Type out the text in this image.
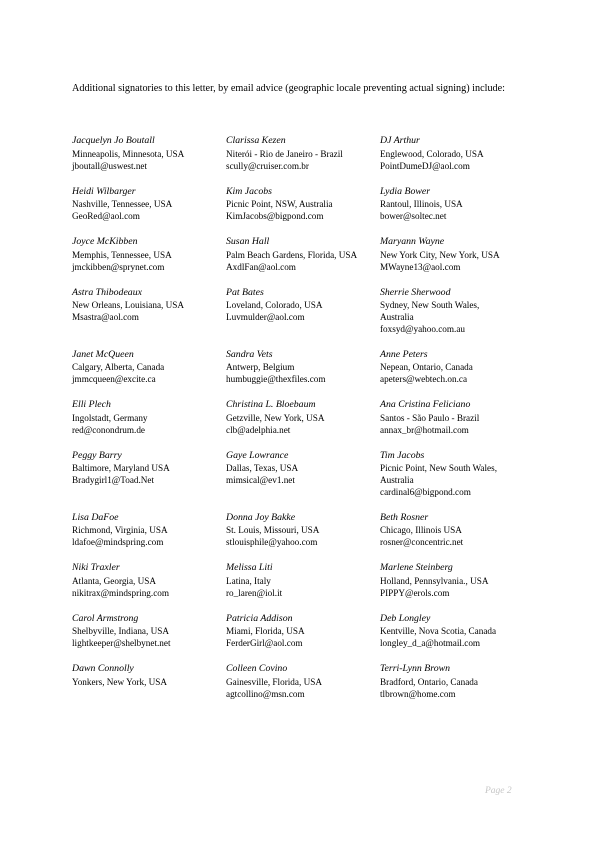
Additional signatories to this letter, by email advice (geographic locale preventing actual signing) include:
Jacquelyn Jo Boutall
Minneapolis, Minnesota, USA
jboutall@uswest.net
Clarissa Kezen
Niterói - Rio de Janeiro - Brazil
scully@cruiser.com.br
DJ Arthur
Englewood, Colorado, USA
PointDumeDJ@aol.com
Heidi Wilbarger
Nashville, Tennessee, USA
GeoRed@aol.com
Kim Jacobs
Picnic Point, NSW, Australia
KimJacobs@bigpond.com
Lydia Bower
Rantoul, Illinois, USA
bower@soltec.net
Joyce McKibben
Memphis, Tennessee, USA
jmckibben@sprynet.com
Susan Hall
Palm Beach Gardens, Florida, USA
AxdlFan@aol.com
Maryann Wayne
New York City, New York, USA
MWayne13@aol.com
Astra Thibodeaux
New Orleans, Louisiana, USA
Msastra@aol.com
Pat Bates
Loveland, Colorado, USA
Luvmulder@aol.com
Sherrie Sherwood
Sydney, New South Wales,
Australia
foxsyd@yahoo.com.au
Janet McQueen
Calgary, Alberta, Canada
jmmcqueen@excite.ca
Sandra Vets
Antwerp, Belgium
humbuggie@thexfiles.com
Anne Peters
Nepean, Ontario, Canada
apeters@webtech.on.ca
Elli Plech
Ingolstadt, Germany
red@conondrum.de
Christina L. Bloebaum
Getzville, New York, USA
clb@adelphia.net
Ana Cristina Feliciano
Santos - São Paulo - Brazil
annax_br@hotmail.com
Peggy Barry
Baltimore, Maryland USA
Bradygirl1@Toad.Net
Gaye Lowrance
Dallas, Texas, USA
mimsical@ev1.net
Tim Jacobs
Picnic Point, New South Wales,
Australia
cardinal6@bigpond.com
Lisa DaFoe
Richmond, Virginia, USA
ldafoe@mindspring.com
Donna Joy Bakke
St. Louis, Missouri, USA
stlouisphile@yahoo.com
Beth Rosner
Chicago, Illinois USA
rosner@concentric.net
Niki Traxler
Atlanta, Georgia, USA
nikitrax@mindspring.com
Melissa Liti
Latina, Italy
ro_laren@iol.it
Marlene Steinberg
Holland, Pennsylvania., USA
PIPPY@erols.com
Carol Armstrong
Shelbyville, Indiana, USA
lightkeeper@shelbynet.net
Patricia Addison
Miami, Florida, USA
FerderGirl@aol.com
Deb Longley
Kentville, Nova Scotia, Canada
longley_d_a@hotmail.com
Dawn Connolly
Yonkers, New York, USA
Colleen Covino
Gainesville, Florida, USA
agtcollino@msn.com
Terri-Lynn Brown
Bradford, Ontario, Canada
tlbrown@home.com
Page 2
